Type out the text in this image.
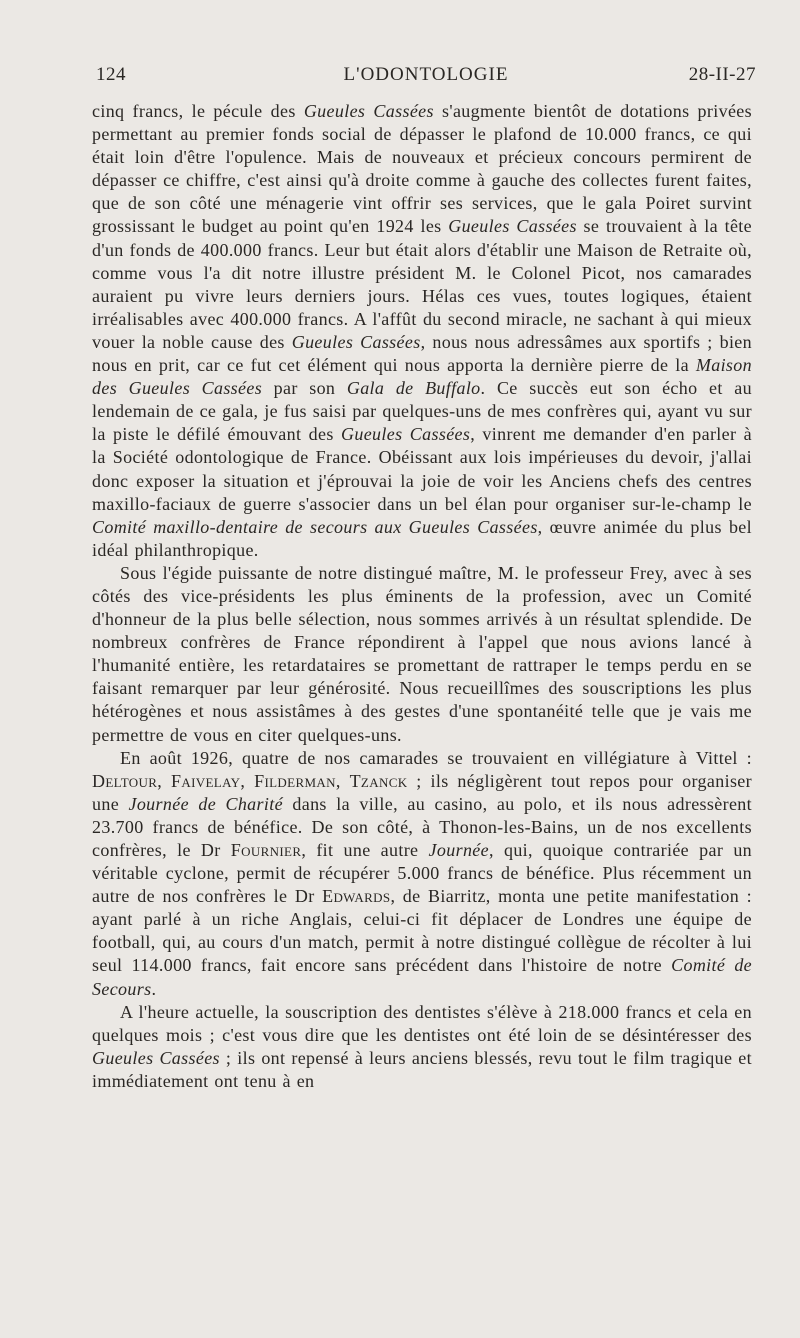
124	L'ODONTOLOGIE	28-II-27

cinq francs, le pécule des Gueules Cassées s'augmente bientôt de dotations privées permettant au premier fonds social de dépasser le plafond de 10.000 francs, ce qui était loin d'être l'opulence. Mais de nouveaux et précieux concours permirent de dépasser ce chiffre, c'est ainsi qu'à droite comme à gauche des collectes furent faites, que de son côté une ménagerie vint offrir ses services, que le gala Poiret survint grossissant le budget au point qu'en 1924 les Gueules Cassées se trouvaient à la tête d'un fonds de 400.000 francs. Leur but était alors d'établir une Maison de Retraite où, comme vous l'a dit notre illustre président M. le Colonel Picot, nos camarades auraient pu vivre leurs derniers jours. Hélas ces vues, toutes logiques, étaient irréalisables avec 400.000 francs. A l'affût du second miracle, ne sachant à qui mieux vouer la noble cause des Gueules Cassées, nous nous adressâmes aux sportifs ; bien nous en prit, car ce fut cet élément qui nous apporta la dernière pierre de la Maison des Gueules Cassées par son Gala de Buffalo. Ce succès eut son écho et au lendemain de ce gala, je fus saisi par quelques-uns de mes confrères qui, ayant vu sur la piste le défilé émouvant des Gueules Cassées, vinrent me demander d'en parler à la Société odontologique de France. Obéissant aux lois impérieuses du devoir, j'allai donc exposer la situation et j'éprouvai la joie de voir les Anciens chefs des centres maxillo-faciaux de guerre s'associer dans un bel élan pour organiser sur-le-champ le Comité maxillo-dentaire de secours aux Gueules Cassées, œuvre animée du plus bel idéal philanthropique.

Sous l'égide puissante de notre distingué maître, M. le professeur Frey, avec à ses côtés des vice-présidents les plus éminents de la profession, avec un Comité d'honneur de la plus belle sélection, nous sommes arrivés à un résultat splendide. De nombreux confrères de France répondirent à l'appel que nous avions lancé à l'humanité entière, les retardataires se promettant de rattraper le temps perdu en se faisant remarquer par leur générosité. Nous recueillîmes des souscriptions les plus hétérogènes et nous assistâmes à des gestes d'une spontanéité telle que je vais me permettre de vous en citer quelques-uns.

En août 1926, quatre de nos camarades se trouvaient en villégiature à Vittel : Deltour, Faivelay, Filderman, Tzanck ; ils négligèrent tout repos pour organiser une Journée de Charité dans la ville, au casino, au polo, et ils nous adressèrent 23.700 francs de bénéfice. De son côté, à Thonon-les-Bains, un de nos excellents confrères, le Dr Fournier, fit une autre Journée, qui, quoique contrariée par un véritable cyclone, permit de récupérer 5.000 francs de bénéfice. Plus récemment un autre de nos confrères le Dr Edwards, de Biarritz, monta une petite manifestation : ayant parlé à un riche Anglais, celui-ci fit déplacer de Londres une équipe de football, qui, au cours d'un match, permit à notre distingué collègue de récolter à lui seul 114.000 francs, fait encore sans précédent dans l'histoire de notre Comité de Secours.

A l'heure actuelle, la souscription des dentistes s'élève à 218.000 francs et cela en quelques mois ; c'est vous dire que les dentistes ont été loin de se désintéresser des Gueules Cassées ; ils ont repensé à leurs anciens blessés, revu tout le film tragique et immédiatement ont tenu à en
